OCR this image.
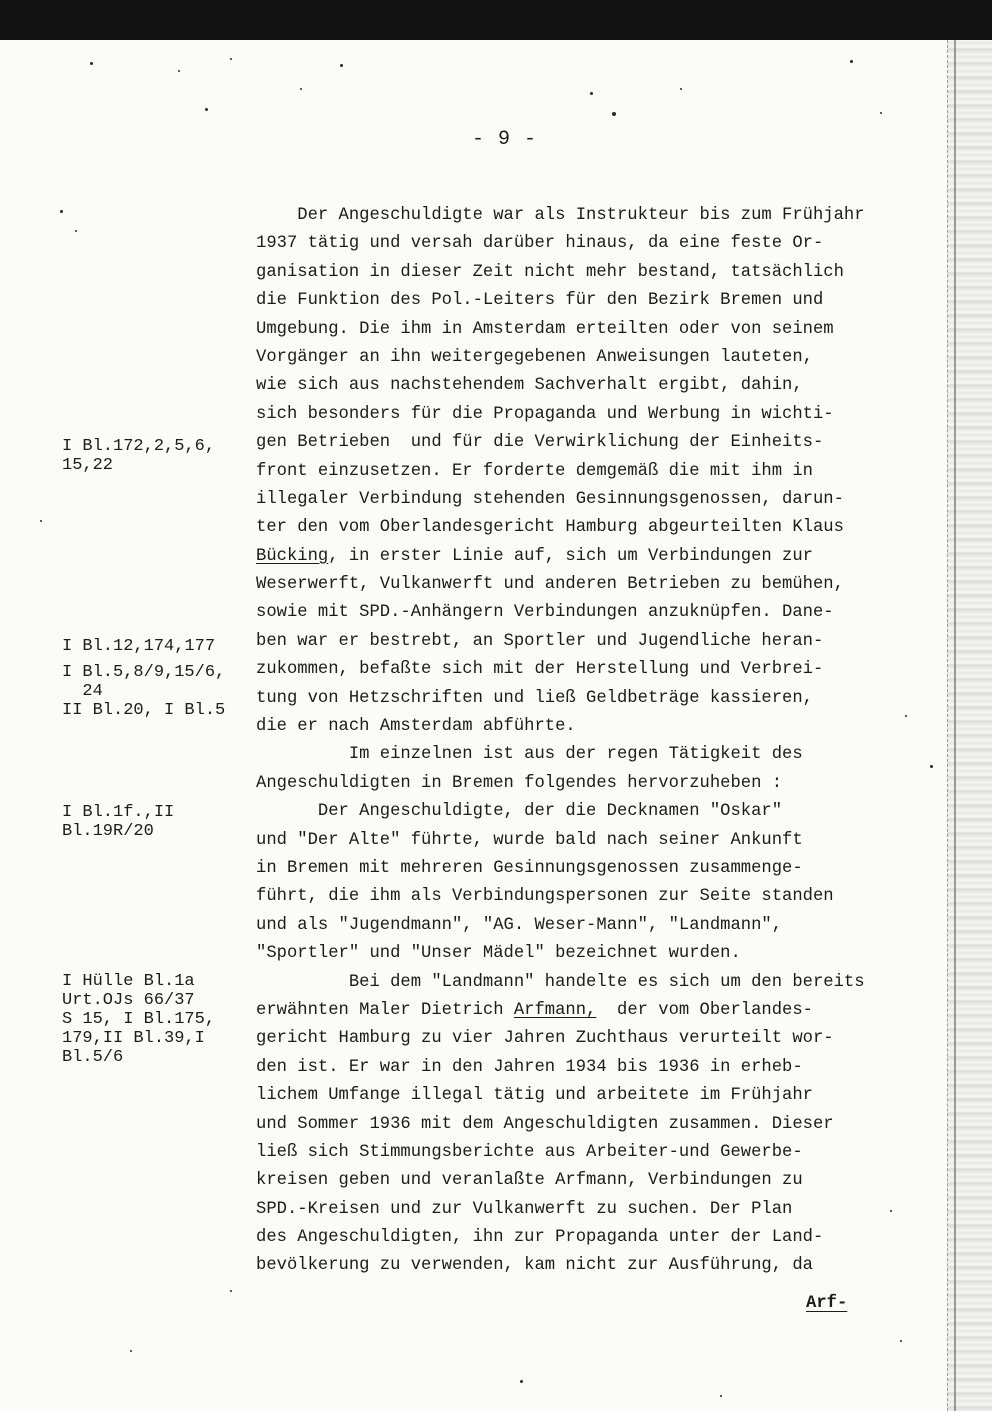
- 9 -
Der Angeschuldigte war als Instrukteur bis zum Frühjahr
1937 tätig und versah darüber hinaus, da eine feste Or-
ganisation in dieser Zeit nicht mehr bestand, tatsächlich
die Funktion des Pol.-Leiters für den Bezirk Bremen und
Umgebung. Die ihm in Amsterdam erteilten oder von seinem
Vorgänger an ihn weitergegebenen Anweisungen lauteten,
wie sich aus nachstehendem Sachverhalt ergibt, dahin,
sich besonders für die Propaganda und Werbung in wichti-
gen Betrieben  und für die Verwirklichung der Einheits-
front einzusetzen. Er forderte demgemäß die mit ihm in
illegaler Verbindung stehenden Gesinnungsgenossen, darun-
ter den vom Oberlandesgericht Hamburg abgeurteilten Klaus
Bücking, in erster Linie auf, sich um Verbindungen zur
Weserwerft, Vulkanwerft und anderen Betrieben zu bemühen,
sowie mit SPD.-Anhängern Verbindungen anzuknüpfen. Dane-
ben war er bestrebt, an Sportler und Jugendliche heran-
zukommen, befaßte sich mit der Herstellung und Verbrei-
tung von Hetzschriften und ließ Geldbeträge kassieren,
die er nach Amsterdam abführte.
Im einzelnen ist aus der regen Tätigkeit des
Angeschuldigten in Bremen folgendes hervorzuheben :
Der Angeschuldigte, der die Decknamen "Oskar"
und "Der Alte" führte, wurde bald nach seiner Ankunft
in Bremen mit mehreren Gesinnungsgenossen zusammenge-
führt, die ihm als Verbindungspersonen zur Seite standen
und als "Jugendmann", "AG. Weser-Mann", "Landmann",
"Sportler" und "Unser Mädel" bezeichnet wurden.
Bei dem "Landmann" handelte es sich um den bereits
erwähnten Maler Dietrich Arfmann,  der vom Oberlandes-
gericht Hamburg zu vier Jahren Zuchthaus verurteilt wor-
den ist. Er war in den Jahren 1934 bis 1936 in erheb-
lichem Umfange illegal tätig und arbeitete im Frühjahr
und Sommer 1936 mit dem Angeschuldigten zusammen. Dieser
ließ sich Stimmungsberichte aus Arbeiter-und Gewerbe-
kreisen geben und veranlaßte Arfmann, Verbindungen zu
SPD.-Kreisen und zur Vulkanwerft zu suchen. Der Plan
des Angeschuldigten, ihn zur Propaganda unter der Land-
bevölkerung zu verwenden, kam nicht zur Ausführung, da
I Bl.172,2,5,6,
15,22
I Bl.12,174,177
I Bl.5,8/9,15/6,
24
II Bl.20, I Bl.5
I Bl.1f.,II
Bl.19R/20
I Hülle Bl.1a
Urt.OJs 66/37
S 15, I Bl.175,
179,II Bl.39,I
Bl.5/6
Arf-
